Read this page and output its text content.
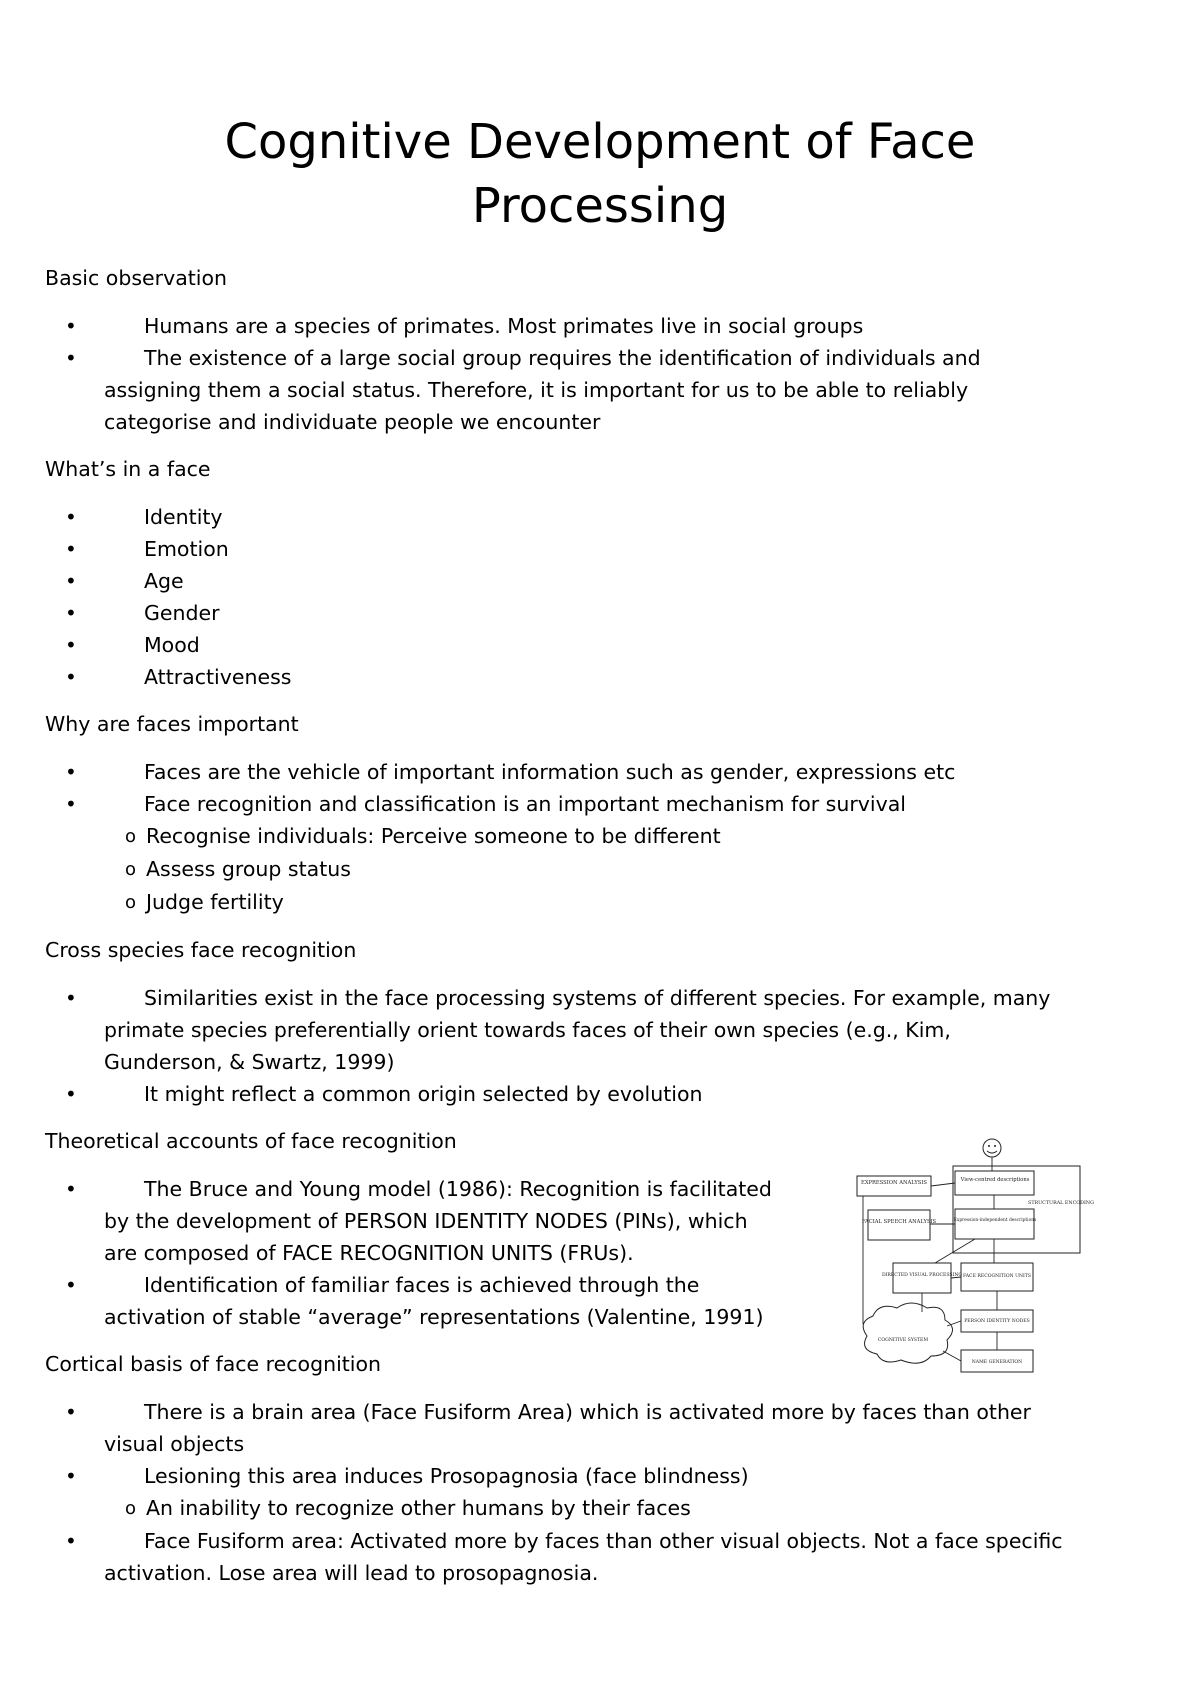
Cognitive Development of Face Processing
Basic observation
•	Humans are a species of primates. Most primates live in social groups
•	The existence of a large social group requires the identification of individuals and assigning them a social status. Therefore, it is important for us to be able to reliably categorise and individuate people we encounter
What’s in a face
•	Identity
•	Emotion
•	Age
•	Gender
•	Mood
•	Attractiveness
Why are faces important
•	Faces are the vehicle of important information such as gender, expressions etc
•	Face recognition and classification is an important mechanism for survival
o Recognise individuals: Perceive someone to be different
o Assess group status
o Judge fertility
Cross species face recognition
•	Similarities exist in the face processing systems of different species. For example, many primate species preferentially orient towards faces of their own species (e.g., Kim, Gunderson, & Swartz, 1999)
•	It might reflect a common origin selected by evolution
Theoretical accounts of face recognition
•	The Bruce and Young model (1986): Recognition is facilitated by the development of PERSON IDENTITY NODES (PINs), which are composed of FACE RECOGNITION UNITS (FRUs).
•	Identification of familiar faces is achieved through the activation of stable “average” representations (Valentine, 1991)
Cortical basis of face recognition
•	There is a brain area (Face Fusiform Area) which is activated more by faces than other visual objects
•	Lesioning this area induces Prosopagnosia (face blindness)
o An inability to recognize other humans by their faces
•	Face Fusiform area: Activated more by faces than other visual objects. Not a face specific activation. Lose area will lead to prosopagnosia.
EXPRESSION ANALYSIS	View-centred descriptions
STRUCTURAL ENCODING
FACIAL SPEECH ANALYSIS	Expression-independent descriptions
DIRECTED VISUAL PROCESSING FACE RECOGNITION UNITS
PERSON IDENTITY NODES
COGNITIVE SYSTEM
NAME GENERATION
